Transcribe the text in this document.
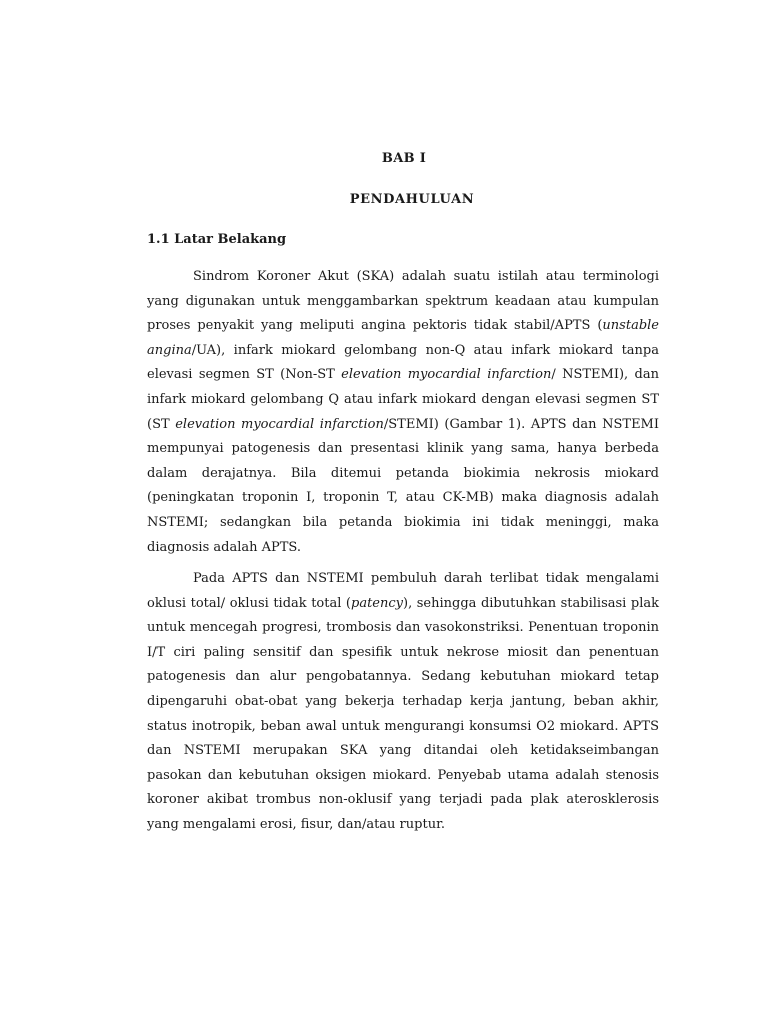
BAB I
PENDAHULUAN
1.1 Latar Belakang

Sindrom Koroner Akut (SKA) adalah suatu istilah atau terminologi yang digunakan untuk menggambarkan spektrum keadaan atau kumpulan proses penyakit yang meliputi angina pektoris tidak stabil/APTS (unstable angina/UA), infark miokard gelombang non-Q atau infark miokard tanpa elevasi segmen ST (Non-ST elevation myocardial infarction/ NSTEMI), dan infark miokard gelombang Q atau infark miokard dengan elevasi segmen ST (ST elevation myocardial infarction/STEMI) (Gambar 1). APTS dan NSTEMI mempunyai patogenesis dan presentasi klinik yang sama, hanya berbeda dalam derajatnya. Bila ditemui petanda biokimia nekrosis miokard (peningkatan troponin I, troponin T, atau CK-MB) maka diagnosis adalah NSTEMI; sedangkan bila petanda biokimia ini tidak meninggi, maka diagnosis adalah APTS.

Pada APTS dan NSTEMI pembuluh darah terlibat tidak mengalami oklusi total/ oklusi tidak total (patency), sehingga dibutuhkan stabilisasi plak untuk mencegah progresi, trombosis dan vasokonstriksi. Penentuan troponin I/T ciri paling sensitif dan spesifik untuk nekrose miosit dan penentuan patogenesis dan alur pengobatannya. Sedang kebutuhan miokard tetap dipengaruhi obat-obat yang bekerja terhadap kerja jantung, beban akhir, status inotropik, beban awal untuk mengurangi konsumsi O2 miokard. APTS dan NSTEMI merupakan SKA yang ditandai oleh ketidakseimbangan pasokan dan kebutuhan oksigen miokard. Penyebab utama adalah stenosis koroner akibat trombus non-oklusif yang terjadi pada plak aterosklerosis yang mengalami erosi, fisur, dan/atau ruptur.
